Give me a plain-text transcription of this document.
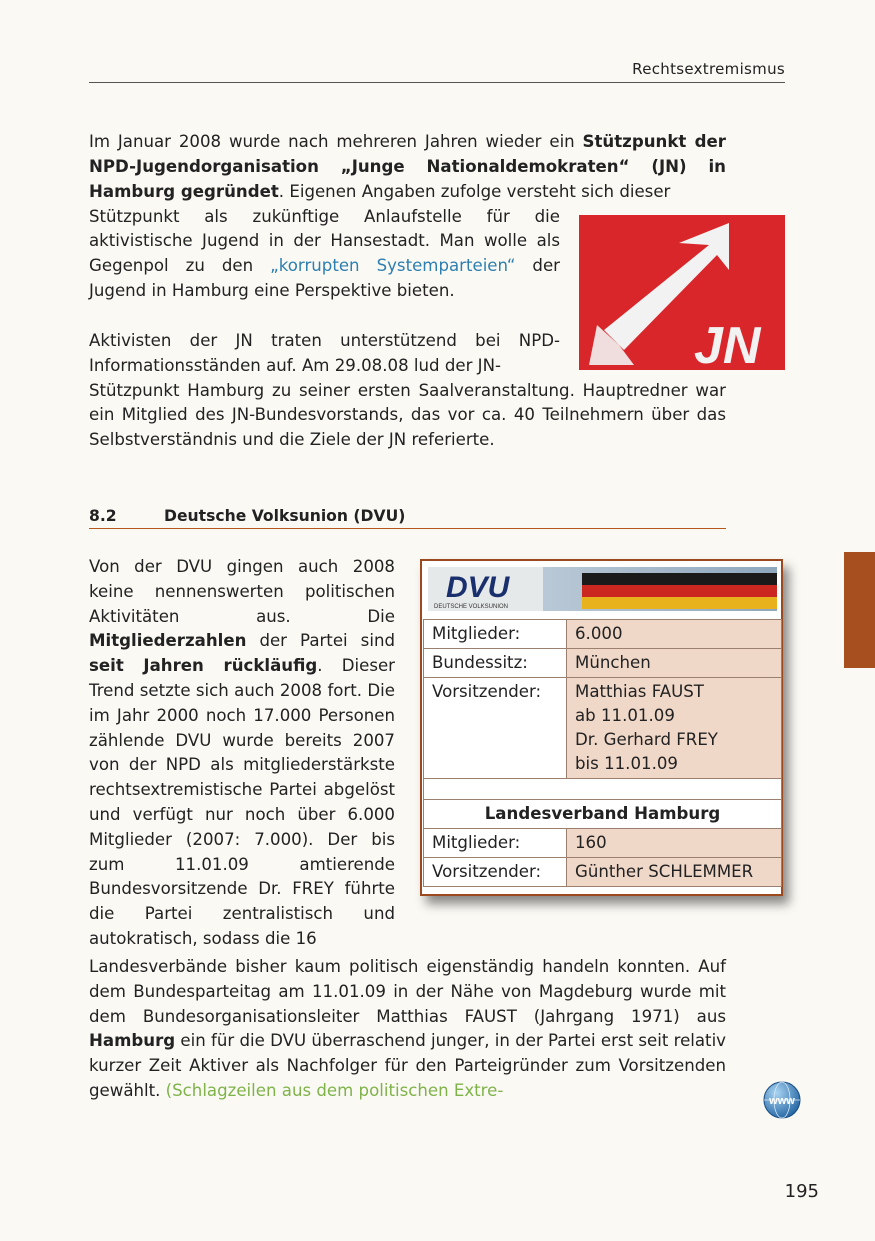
Rechtsextremismus
Im Januar 2008 wurde nach mehreren Jahren wieder ein Stützpunkt der NPD-Jugendorganisation „Junge Nationaldemokraten“ (JN) in Hamburg gegründet. Eigenen Angaben zufolge versteht sich dieser
Stützpunkt als zukünftige Anlaufstelle für die aktivistische Jugend in der Hansestadt. Man wolle als Gegenpol zu den „korrupten Systemparteien“ der Jugend in Hamburg eine Perspektive bieten.
Aktivisten der JN traten unterstützend bei NPD-Informationsständen auf. Am 29.08.08 lud der JN-
Stützpunkt Hamburg zu seiner ersten Saalveranstaltung. Hauptredner war ein Mitglied des JN-Bundesvorstands, das vor ca. 40 Teilnehmern über das Selbstverständnis und die Ziele der JN referierte.
JN
8.2	Deutsche Volksunion (DVU)
Von der DVU gingen auch 2008 keine nennenswerten politischen Aktivitäten aus. Die Mitgliederzahlen der Partei sind seit Jahren rückläufig. Dieser Trend setzte sich auch 2008 fort. Die im Jahr 2000 noch 17.000 Personen zählende DVU wurde bereits 2007 von der NPD als mitgliederstärkste rechtsextremistische Partei abgelöst und verfügt nur noch über 6.000 Mitglieder (2007: 7.000). Der bis zum 11.01.09 amtierende Bundesvorsitzende Dr. FREY führte die Partei zentralistisch und autokratisch, sodass die 16
Landesverbände bisher kaum politisch eigenständig handeln konnten. Auf dem Bundesparteitag am 11.01.09 in der Nähe von Magdeburg wurde mit dem Bundesorganisationsleiter Matthias FAUST (Jahrgang 1971) aus Hamburg ein für die DVU überraschend junger, in der Partei erst seit relativ kurzer Zeit Aktiver als Nachfolger für den Parteigründer zum Vorsitzenden gewählt. (Schlagzeilen aus dem politischen Extre-
DVU
DEUTSCHE VOLKSUNION
Mitglieder:	6.000
Bundessitz:	München
Vorsitzender:	Matthias FAUST
ab 11.01.09
Dr. Gerhard FREY
bis 11.01.09

Landesverband Hamburg	
Mitglieder:	160
Vorsitzender:	Günther SCHLEMMER
www
195
